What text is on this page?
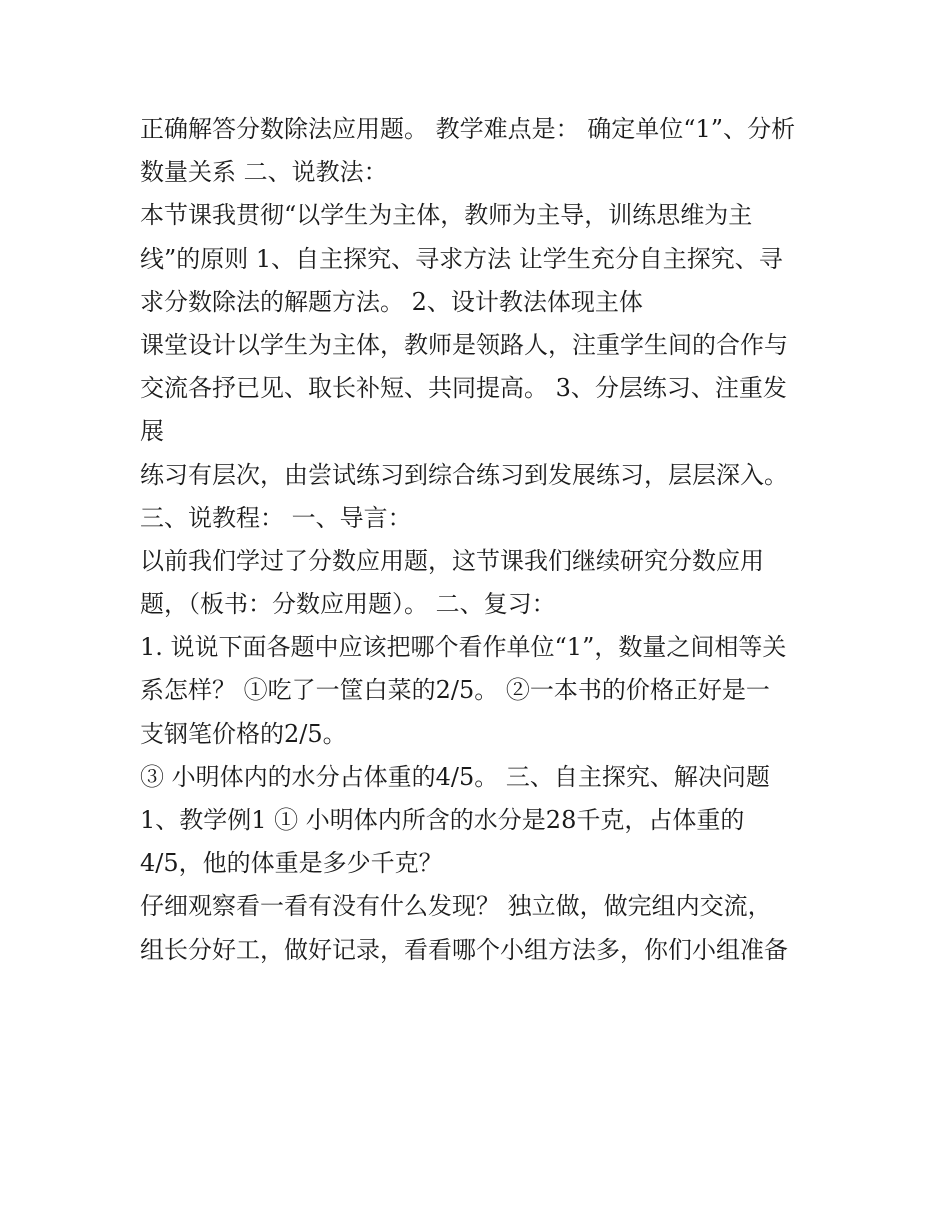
正确解答分数除法应用题。 教学难点是： 确定单位“1”、分析
数量关系 二、说教法：
本节课我贯彻“以学生为主体，教师为主导，训练思维为主
线”的原则 1、自主探究、寻求方法 让学生充分自主探究、寻
求分数除法的解题方法。 2、设计教法体现主体
课堂设计以学生为主体，教师是领路人，注重学生间的合作与
交流各抒已见、取长补短、共同提高。 3、分层练习、注重发
展
练习有层次，由尝试练习到综合练习到发展练习，层层深入。
三、说教程： 一、导言：
以前我们学过了分数应用题，这节课我们继续研究分数应用
题，（板书：分数应用题）。 二、复习：
1. 说说下面各题中应该把哪个看作单位“1”，数量之间相等关
系怎样？ ①吃了一筐白菜的2/5。 ②一本书的价格正好是一
支钢笔价格的2/5。
③ 小明体内的水分占体重的4/5。 三、自主探究、解决问题
1、教学例1 ① 小明体内所含的水分是28千克，占体重的
4/5，他的体重是多少千克？
仔细观察看一看有没有什么发现？ 独立做，做完组内交流，
组长分好工，做好记录，看看哪个小组方法多，你们小组准备
